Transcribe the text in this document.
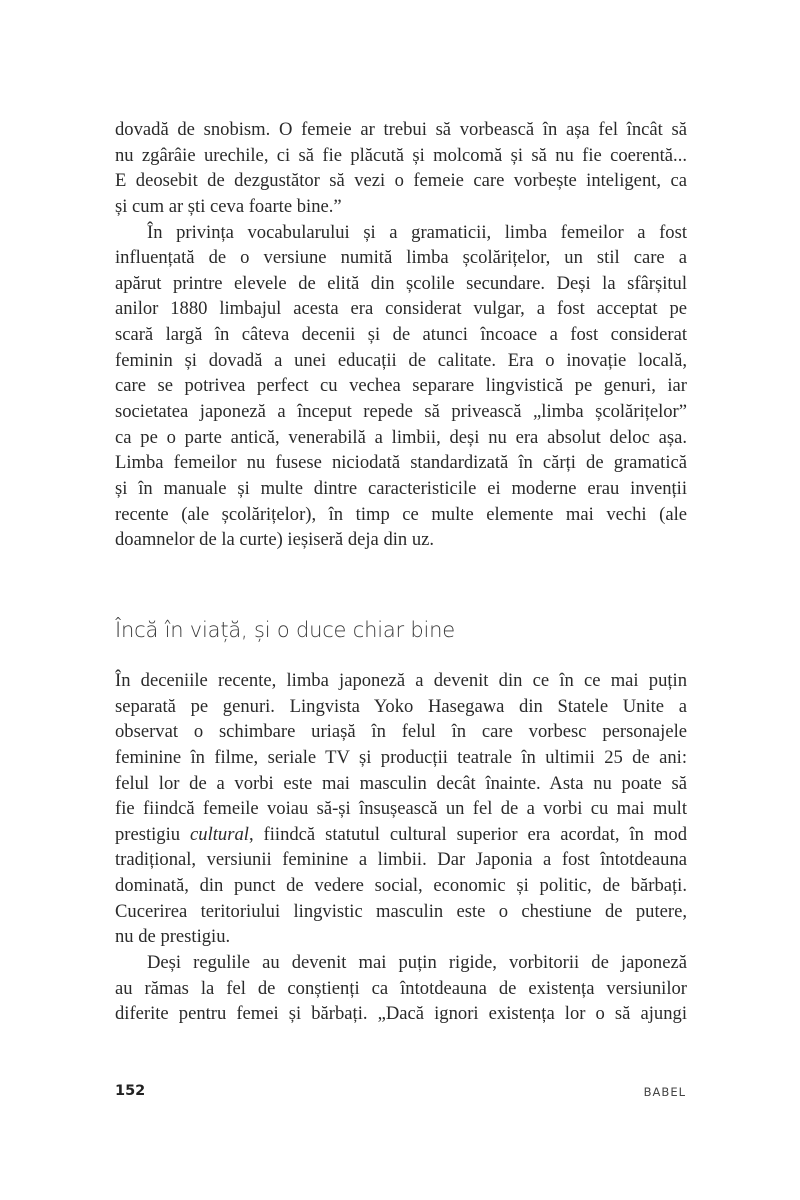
dovadă de snobism. O femeie ar trebui să vorbească în așa fel încât să
nu zgârâie urechile, ci să fie plăcută și molcomă și să nu fie coerentă...
E deosebit de dezgustător să vezi o femeie care vorbește inteligent, ca
și cum ar ști ceva foarte bine.”
În privința vocabularului și a gramaticii, limba femeilor a fost
influențată de o versiune numită limba școlărițelor, un stil care a
apărut printre elevele de elită din școlile secundare. Deși la sfârșitul
anilor 1880 limbajul acesta era considerat vulgar, a fost acceptat pe
scară largă în câteva decenii și de atunci încoace a fost considerat
feminin și dovadă a unei educații de calitate. Era o inovație locală,
care se potrivea perfect cu vechea separare lingvistică pe genuri, iar
societatea japoneză a început repede să privească „limba școlărițelor”
ca pe o parte antică, venerabilă a limbii, deși nu era absolut deloc așa.
Limba femeilor nu fusese niciodată standardizată în cărți de gramatică
și în manuale și multe dintre caracteristicile ei moderne erau invenții
recente (ale școlărițelor), în timp ce multe elemente mai vechi (ale
doamnelor de la curte) ieșiseră deja din uz.
Încă în viață, și o duce chiar bine
În deceniile recente, limba japoneză a devenit din ce în ce mai puțin
separată pe genuri. Lingvista Yoko Hasegawa din Statele Unite a
observat o schimbare uriașă în felul în care vorbesc personajele
feminine în filme, seriale TV și producții teatrale în ultimii 25 de ani:
felul lor de a vorbi este mai masculin decât înainte. Asta nu poate să
fie fiindcă femeile voiau să-și însușească un fel de a vorbi cu mai mult
prestigiu cultural, fiindcă statutul cultural superior era acordat, în mod
tradițional, versiunii feminine a limbii. Dar Japonia a fost întotdeauna
dominată, din punct de vedere social, economic și politic, de bărbați.
Cucerirea teritoriului lingvistic masculin este o chestiune de putere,
nu de prestigiu.
Deși regulile au devenit mai puțin rigide, vorbitorii de japoneză
au rămas la fel de conștienți ca întotdeauna de existența versiunilor
diferite pentru femei și bărbați. „Dacă ignori existența lor o să ajungi
152	BABEL
